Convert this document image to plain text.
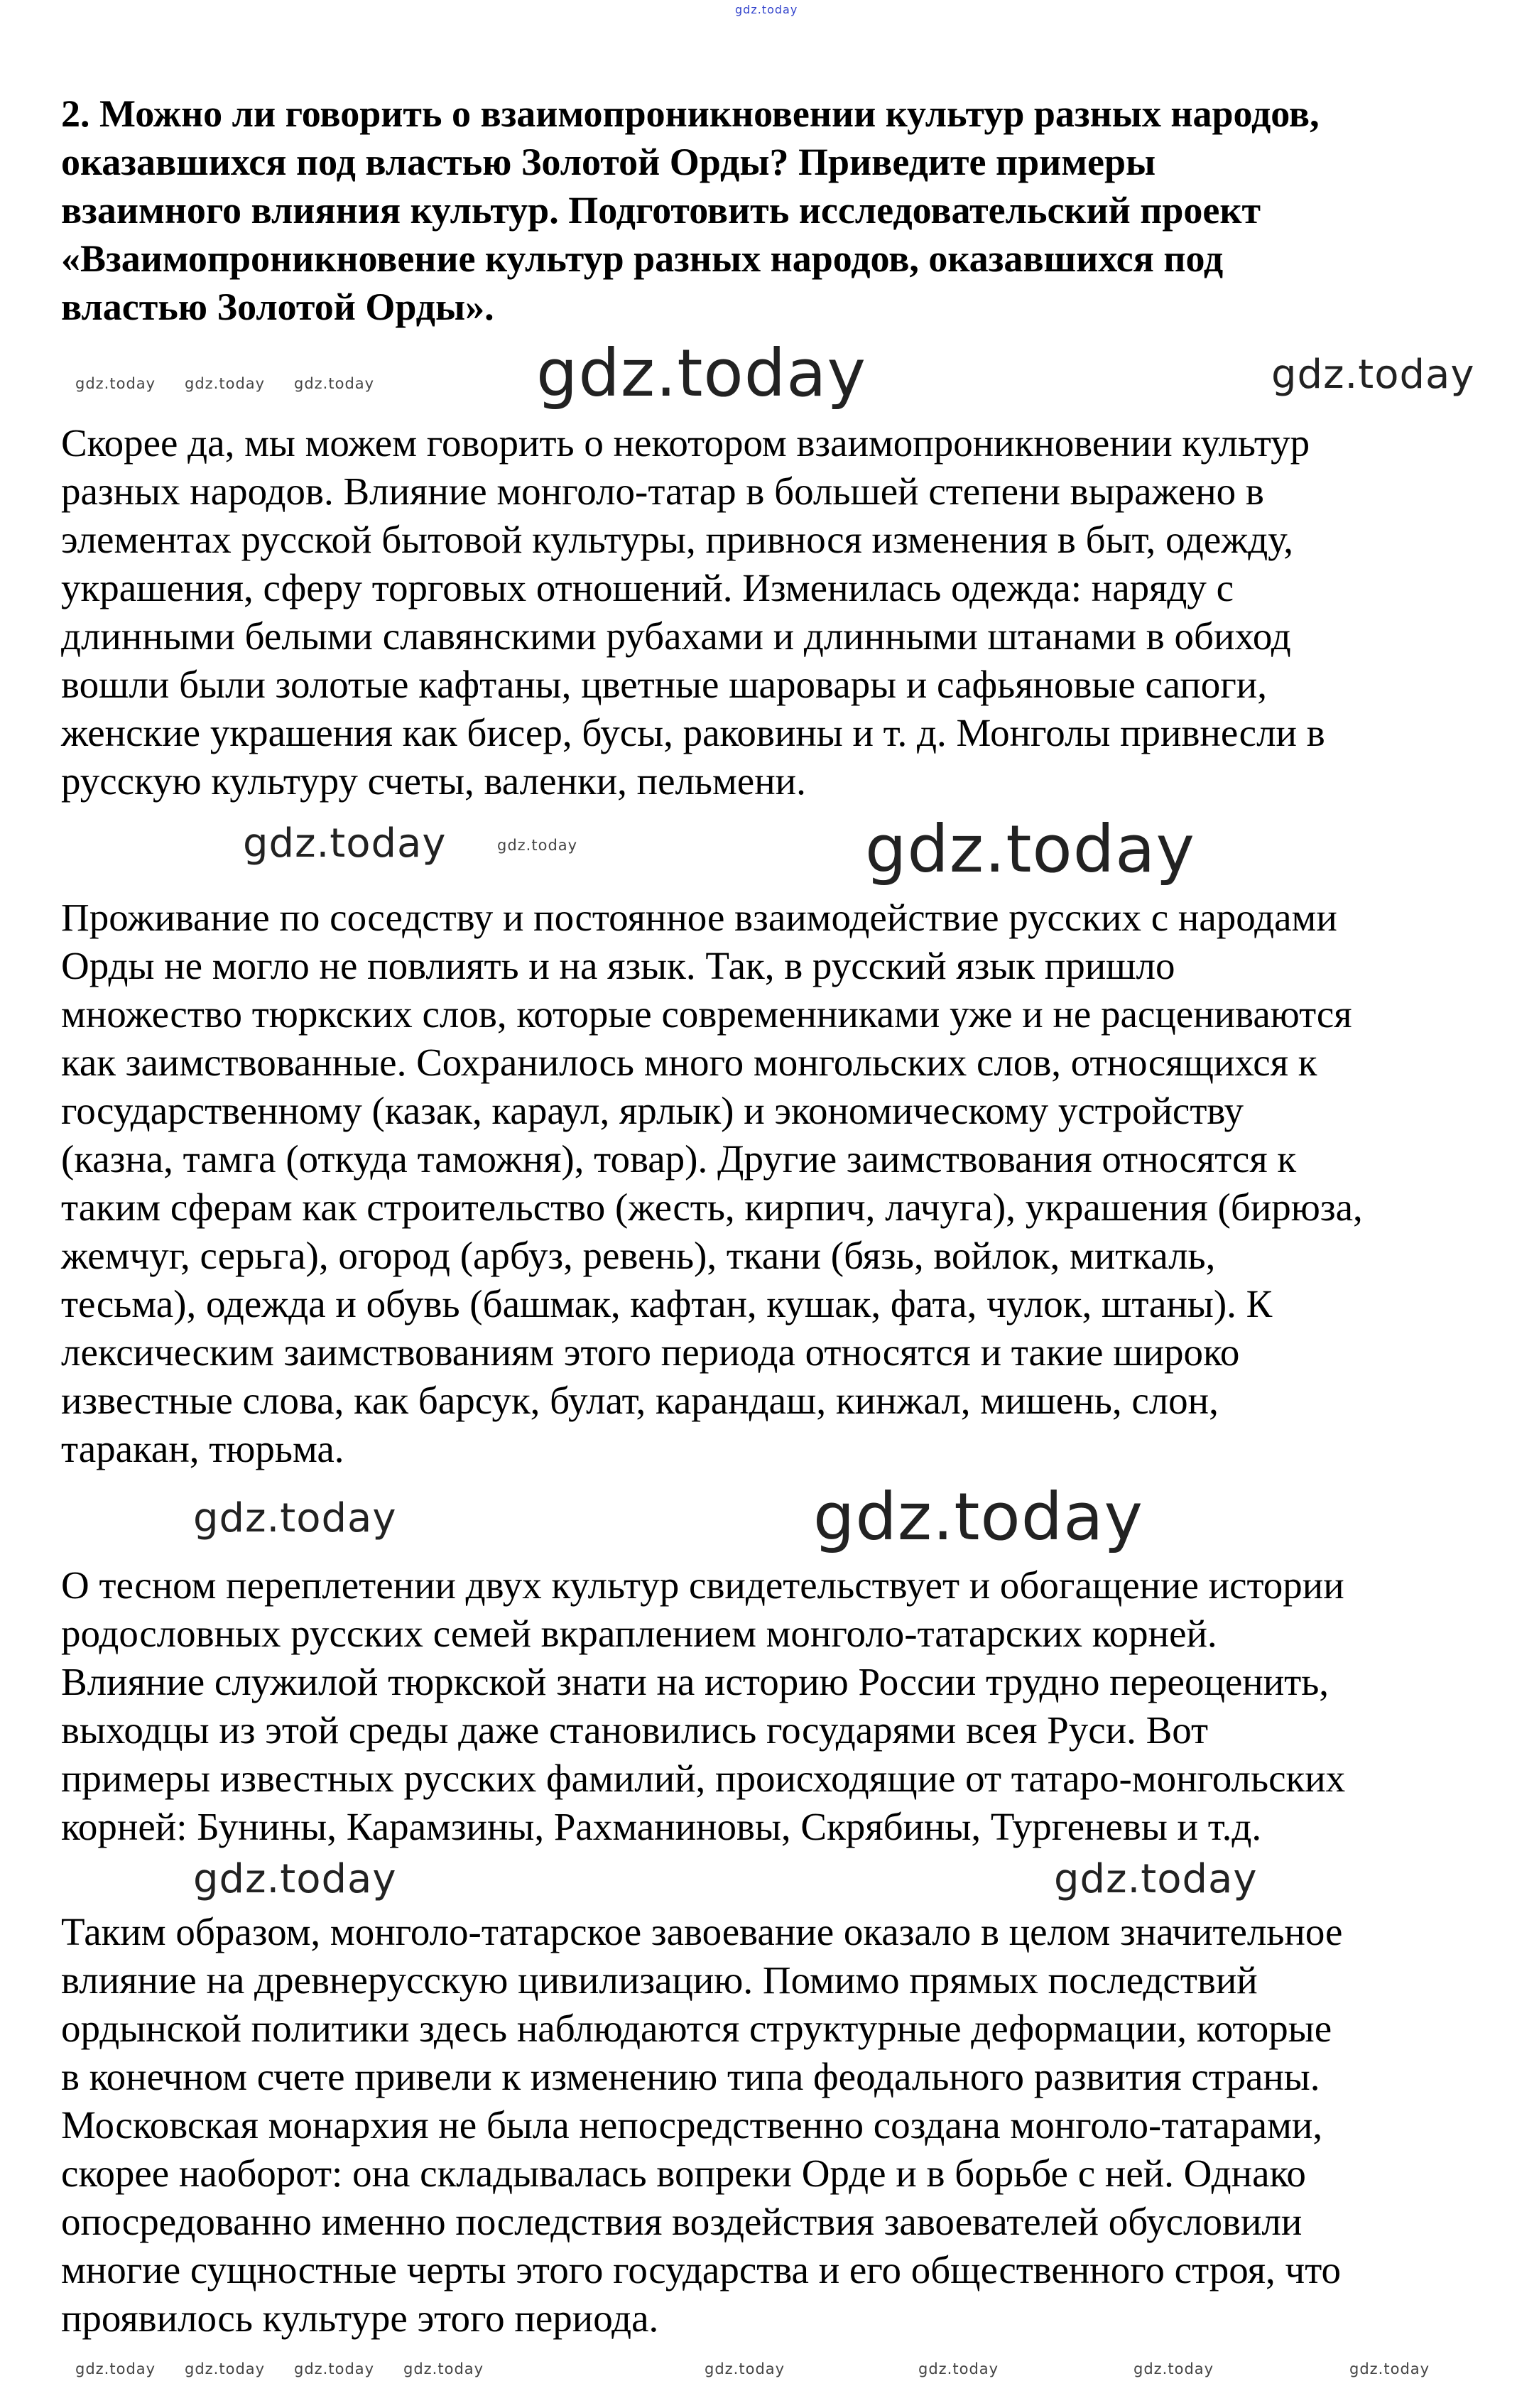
2. Можно ли говорить о взаимопроникновении культур разных народов,
оказавшихся под властью Золотой Орды? Приведите примеры
взаимного влияния культур. Подготовить исследовательский проект
«Взаимопроникновение культур разных народов, оказавшихся под
властью Золотой Орды».
Скорее да, мы можем говорить о некотором взаимопроникновении культур
разных народов. Влияние монголо-татар в большей степени выражено в
элементах русской бытовой культуры, привнося изменения в быт, одежду,
украшения, сферу торговых отношений. Изменилась одежда: наряду с
длинными белыми славянскими рубахами и длинными штанами в обиход
вошли были золотые кафтаны, цветные шаровары и сафьяновые сапоги,
женские украшения как бисер, бусы, раковины и т. д. Монголы привнесли в
русскую культуру счеты, валенки, пельмени.
Проживание по соседству и постоянное взаимодействие русских с народами
Орды не могло не повлиять и на язык. Так, в русский язык пришло
множество тюркских слов, которые современниками уже и не расцениваются
как заимствованные. Сохранилось много монгольских слов, относящихся к
государственному (казак, караул, ярлык) и экономическому устройству
(казна, тамга (откуда таможня), товар). Другие заимствования относятся к
таким сферам как строительство (жесть, кирпич, лачуга), украшения (бирюза,
жемчуг, серьга), огород (арбуз, ревень), ткани (бязь, войлок, миткаль,
тесьма), одежда и обувь (башмак, кафтан, кушак, фата, чулок, штаны). К
лексическим заимствованиям этого периода относятся и такие широко
известные слова, как барсук, булат, карандаш, кинжал, мишень, слон,
таракан, тюрьма.
О тесном переплетении двух культур свидетельствует и обогащение истории
родословных русских семей вкраплением монголо-татарских корней.
Влияние служилой тюркской знати на историю России трудно переоценить,
выходцы из этой среды даже становились государями всея Руси. Вот
примеры известных русских фамилий, происходящие от татаро-монгольских
корней: Бунины, Карамзины, Рахманиновы, Скрябины, Тургеневы и т.д.
Таким образом, монголо-татарское завоевание оказало в целом значительное
влияние на древнерусскую цивилизацию. Помимо прямых последствий
ордынской политики здесь наблюдаются структурные деформации, которые
в конечном счете привели к изменению типа феодального развития страны.
Московская монархия не была непосредственно создана монголо-татарами,
скорее наоборот: она складывалась вопреки Орде и в борьбе с ней. Однако
опосредованно именно последствия воздействия завоевателей обусловили
многие сущностные черты этого государства и его общественного строя, что
проявилось культуре этого периода.
gdz.today
gdz.today	gdz.today
gdz.today gdz.today gdz.today
gdz.today	gdz.today
gdz.today
gdz.today
gdz.today
gdz.today
gdz.today	gdz.today	gdz.today	gdz.today
gdz.today gdz.today gdz.today gdz.today
gdz.today
